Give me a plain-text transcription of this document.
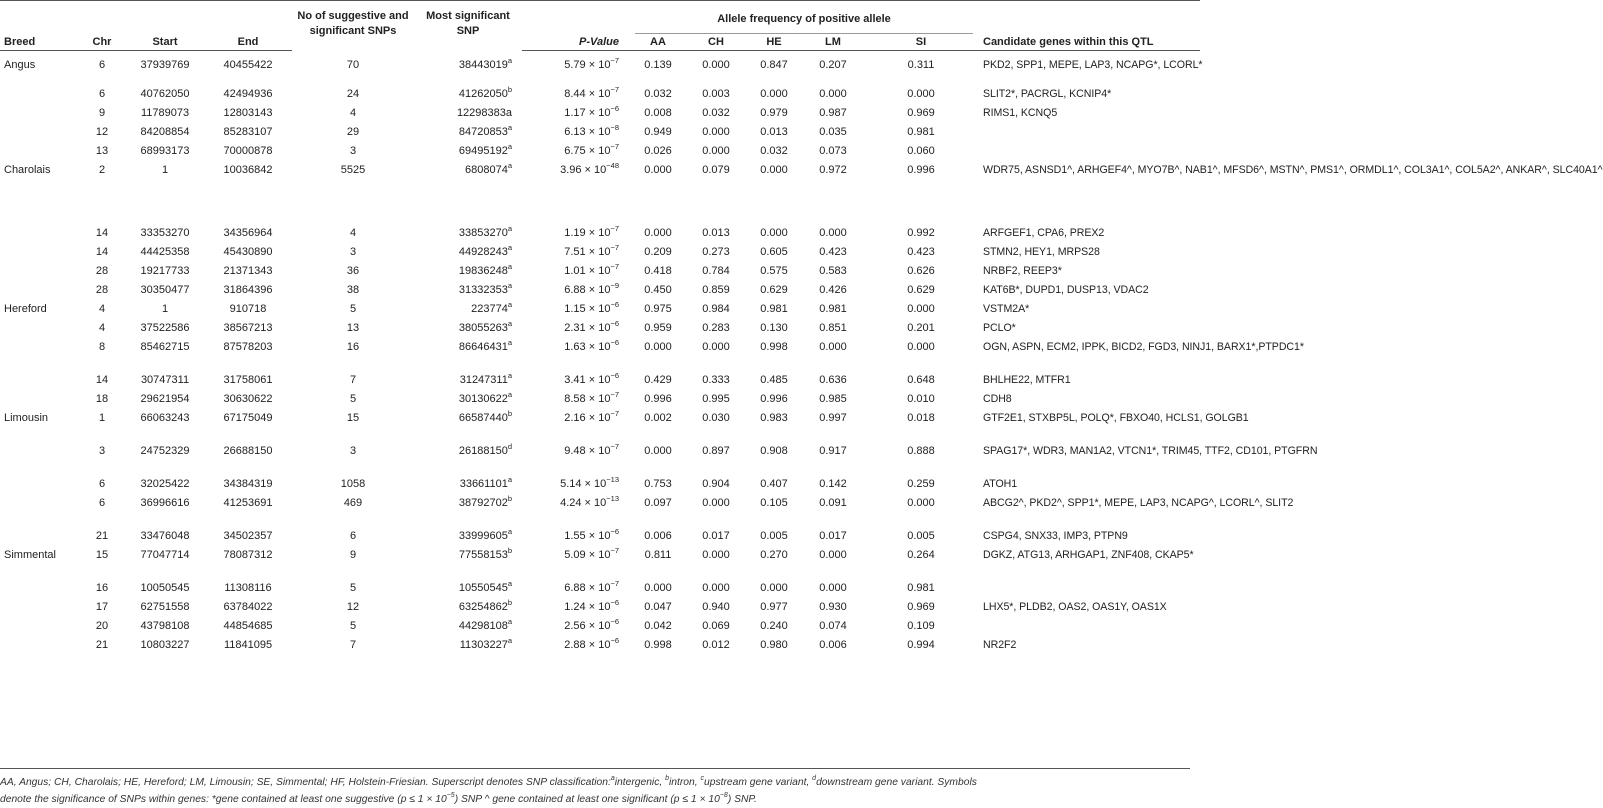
				No of suggestive and significant SNPs	Most significant SNP		Allele frequency of positive allele					

Breed	Chr	Start	End			P-Value	AA	CH	HE	LM	SI	Candidate genes within this QTL
Angus	6	37939769	40455422	70	38443019$^a$	$5.79 \times 10^{-7}$	0.139	0.000	0.847	0.207	0.311	PKD2, SPP1, MEPE, LAP3, NCAPG*, LCORL*
	6	40762050	42494936	24	41262050$^b$	$8.44 \times 10^{-7}$	0.032	0.003	0.000	0.000	0.000	SLIT2*, PACRGL, KCNIP4*
	9	11789073	12803143	4	12298383a	$1.17 \times 10^{-6}$	0.008	0.032	0.979	0.987	0.969	RIMS1, KCNQ5
	12	84208854	85283107	29	84720853$^a$	$6.13 \times 10^{-8}$	0.949	0.000	0.013	0.035	0.981	
	13	68993173	70000878	3	69495192$^a$	$6.75 \times 10^{-7}$	0.026	0.000	0.032	0.073	0.060	
Charolais	2	1	10036842	5525	6808074$^a$	$3.96 \times 10^{-48}$	0.000	0.079	0.000	0.972	0.996	WDR75, ASNSD1^, ARHGEF4^, MYO7B^, NAB1^, MFSD6^, MSTN^, PMS1^, ORMDL1^, COL3A1^, COL5A2^, ANKAR^, SLC40A1^
	14	33353270	34356964	4	33853270$^a$	$1.19 \times 10^{-7}$	0.000	0.013	0.000	0.000	0.992	ARFGEF1, CPA6, PREX2
	14	44425358	45430890	3	44928243$^a$	$7.51 \times 10^{-7}$	0.209	0.273	0.605	0.423	0.423	STMN2, HEY1, MRPS28
	28	19217733	21371343	36	19836248$^a$	$1.01 \times 10^{-7}$	0.418	0.784	0.575	0.583	0.626	NRBF2, REEP3*
	28	30350477	31864396	38	31332353$^a$	$6.88 \times 10^{-9}$	0.450	0.859	0.629	0.426	0.629	KAT6B*, DUPD1, DUSP13, VDAC2
Hereford	4	1	910718	5	223774$^a$	$1.15 \times 10^{-6}$	0.975	0.984	0.981	0.981	0.000	VSTM2A*
	4	37522586	38567213	13	38055263$^a$	$2.31 \times 10^{-6}$	0.959	0.283	0.130	0.851	0.201	PCLO*
	8	85462715	87578203	16	86646431$^a$	$1.63 \times 10^{-6}$	0.000	0.000	0.998	0.000	0.000	OGN, ASPN, ECM2, IPPK, BICD2, FGD3, NINJ1, BARX1*,PTPDC1*
	14	30747311	31758061	7	31247311$^a$	$3.41 \times 10^{-6}$	0.429	0.333	0.485	0.636	0.648	BHLHE22, MTFR1
	18	29621954	30630622	5	30130622$^a$	$8.58 \times 10^{-7}$	0.996	0.995	0.996	0.985	0.010	CDH8
Limousin	1	66063243	67175049	15	66587440$^b$	$2.16 \times 10^{-7}$	0.002	0.030	0.983	0.997	0.018	GTF2E1, STXBP5L, POLQ*, FBXO40, HCLS1, GOLGB1
	3	24752329	26688150	3	26188150$^d$	$9.48 \times 10^{-7}$	0.000	0.897	0.908	0.917	0.888	SPAG17*, WDR3, MAN1A2, VTCN1*, TRIM45, TTF2, CD101, PTGFRN
	6	32025422	34384319	1058	33661101$^a$	$5.14 \times 10^{-13}$	0.753	0.904	0.407	0.142	0.259	ATOH1
	6	36996616	41253691	469	38792702$^b$	$4.24 \times 10^{-13}$	0.097	0.000	0.105	0.091	0.000	ABCG2^, PKD2^, SPP1*, MEPE, LAP3, NCAPG^, LCORL^, SLIT2
	21	33476048	34502357	6	33999605$^a$	$1.55 \times 10^{-6}$	0.006	0.017	0.005	0.017	0.005	CSPG4, SNX33, IMP3, PTPN9
Simmental	15	77047714	78087312	9	77558153$^b$	$5.09 \times 10^{-7}$	0.811	0.000	0.270	0.000	0.264	DGKZ, ATG13, ARHGAP1, ZNF408, CKAP5*
	16	10050545	11308116	5	10550545$^a$	$6.88 \times 10^{-7}$	0.000	0.000	0.000	0.000	0.981	
	17	62751558	63784022	12	63254862$^b$	$1.24 \times 10^{-6}$	0.047	0.940	0.977	0.930	0.969	LHX5*, PLDB2, OAS2, OAS1Y, OAS1X
	20	43798108	44854685	5	44298108$^a$	$2.56 \times 10^{-6}$	0.042	0.069	0.240	0.074	0.109	
	21	10803227	11841095	7	11303227$^a$	$2.88 \times 10^{-6}$	0.998	0.012	0.980	0.006	0.994	NR2F2
AA, Angus; CH, Charolais; HE, Hereford; LM, Limousin; SE, Simmental; HF, Holstein-Friesian. Superscript denotes SNP classification:$^a$intergenic, $^b$intron, $^c$upstream gene variant, $^d$downstream gene variant. Symbols
denote the significance of SNPs within genes: *gene contained at least one suggestive $(p \le 1 \times 10^{-5})$ SNP ^ gene contained at least one significant $(p \le 1 \times 10^{-8})$ SNP.
